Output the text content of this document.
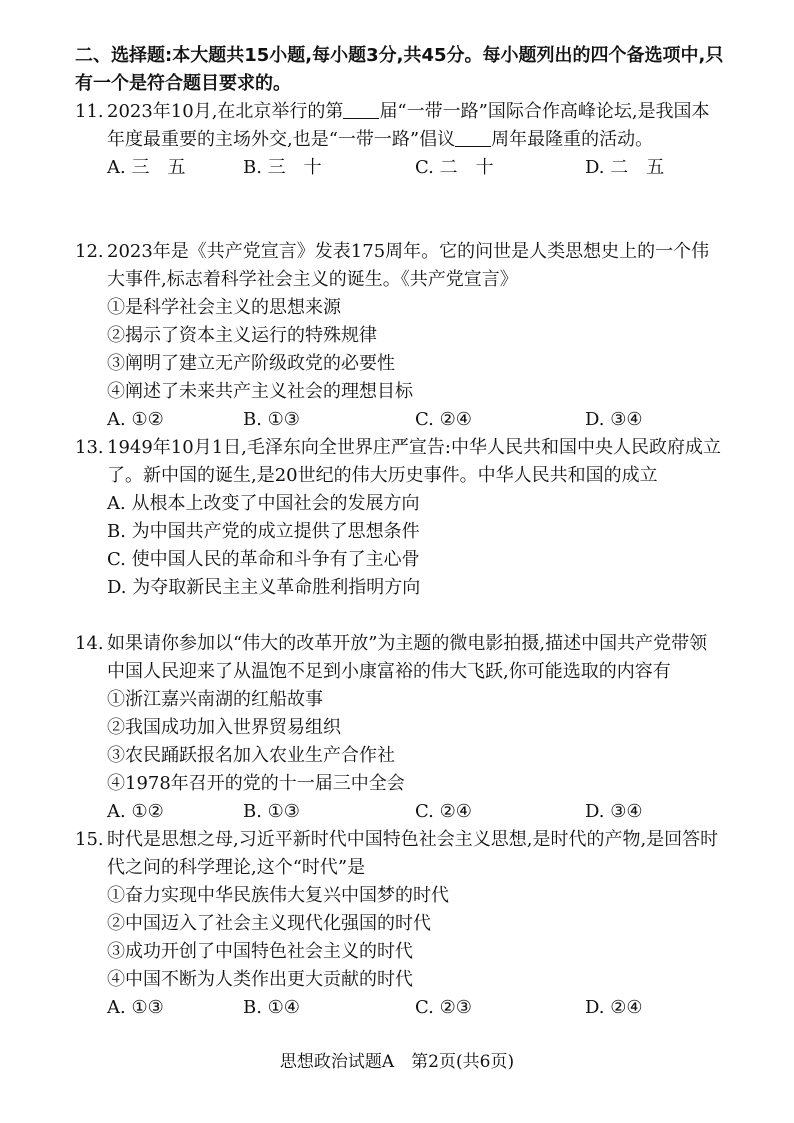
二、选择题:本大题共15小题,每小题3分,共45分。每小题列出的四个备选项中,只有一个是符合题目要求的。
11. 2023年10月,在北京举行的第 届“一带一路”国际合作高峰论坛,是我国本年度最重要的主场外交,也是“一带一路”倡议 周年最隆重的活动。
A. 三　五	B. 三　十	C. 二　十	D. 二　五
12. 2023年是《共产党宣言》发表175周年。它的问世是人类思想史上的一个伟大事件,标志着科学社会主义的诞生。《共产党宣言》
①是科学社会主义的思想来源
②揭示了资本主义运行的特殊规律
③阐明了建立无产阶级政党的必要性
④阐述了未来共产主义社会的理想目标
A. ①②	B. ①③	C. ②④	D. ③④
13. 1949年10月1日,毛泽东向全世界庄严宣告:中华人民共和国中央人民政府成立了。新中国的诞生,是20世纪的伟大历史事件。中华人民共和国的成立
A. 从根本上改变了中国社会的发展方向
B. 为中国共产党的成立提供了思想条件
C. 使中国人民的革命和斗争有了主心骨
D. 为夺取新民主主义革命胜利指明方向
14. 如果请你参加以“伟大的改革开放”为主题的微电影拍摄,描述中国共产党带领中国人民迎来了从温饱不足到小康富裕的伟大飞跃,你可能选取的内容有
①浙江嘉兴南湖的红船故事
②我国成功加入世界贸易组织
③农民踊跃报名加入农业生产合作社
④1978年召开的党的十一届三中全会
A. ①②	B. ①③	C. ②④	D. ③④
15. 时代是思想之母,习近平新时代中国特色社会主义思想,是时代的产物,是回答时代之问的科学理论,这个“时代”是
①奋力实现中华民族伟大复兴中国梦的时代
②中国迈入了社会主义现代化强国的时代
③成功开创了中国特色社会主义的时代
④中国不断为人类作出更大贡献的时代
A. ①③	B. ①④	C. ②③	D. ②④
思想政治试题A　第2页(共6页)
